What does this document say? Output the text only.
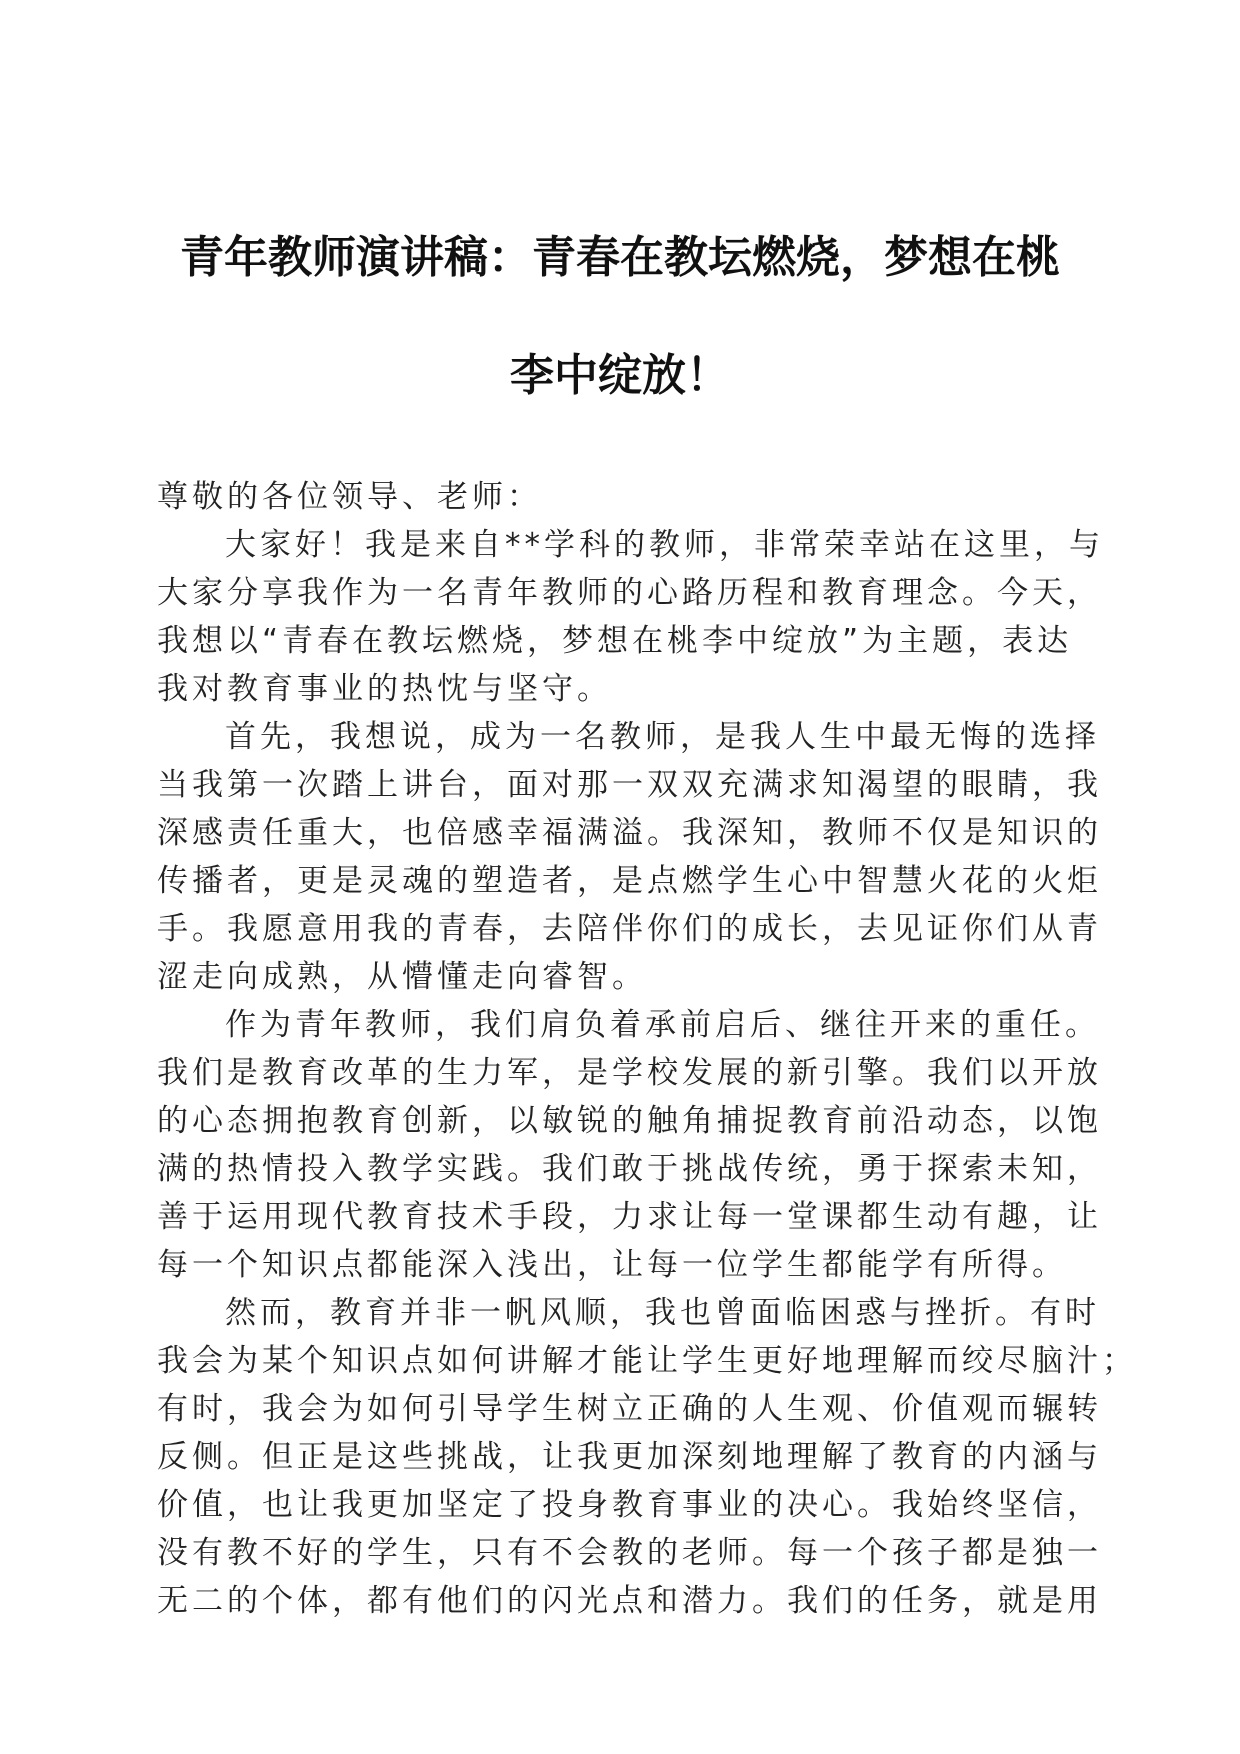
青年教师演讲稿：青春在教坛燃烧，梦想在桃
李中绽放！
尊敬的各位领导、老师：
大家好！我是来自**学科的教师，非常荣幸站在这里，与
大家分享我作为一名青年教师的心路历程和教育理念。今天，
我想以“青春在教坛燃烧，梦想在桃李中绽放”为主题，表达
我对教育事业的热忱与坚守。
首先，我想说，成为一名教师，是我人生中最无悔的选择
当我第一次踏上讲台，面对那一双双充满求知渴望的眼睛，我
深感责任重大，也倍感幸福满溢。我深知，教师不仅是知识的
传播者，更是灵魂的塑造者，是点燃学生心中智慧火花的火炬
手。我愿意用我的青春，去陪伴你们的成长，去见证你们从青
涩走向成熟，从懵懂走向睿智。
作为青年教师，我们肩负着承前启后、继往开来的重任。
我们是教育改革的生力军，是学校发展的新引擎。我们以开放
的心态拥抱教育创新，以敏锐的触角捕捉教育前沿动态，以饱
满的热情投入教学实践。我们敢于挑战传统，勇于探索未知，
善于运用现代教育技术手段，力求让每一堂课都生动有趣，让
每一个知识点都能深入浅出，让每一位学生都能学有所得。
然而，教育并非一帆风顺，我也曾面临困惑与挫折。有时
我会为某个知识点如何讲解才能让学生更好地理解而绞尽脑汁；
有时，我会为如何引导学生树立正确的人生观、价值观而辗转
反侧。但正是这些挑战，让我更加深刻地理解了教育的内涵与
价值，也让我更加坚定了投身教育事业的决心。我始终坚信，
没有教不好的学生，只有不会教的老师。每一个孩子都是独一
无二的个体，都有他们的闪光点和潜力。我们的任务，就是用
